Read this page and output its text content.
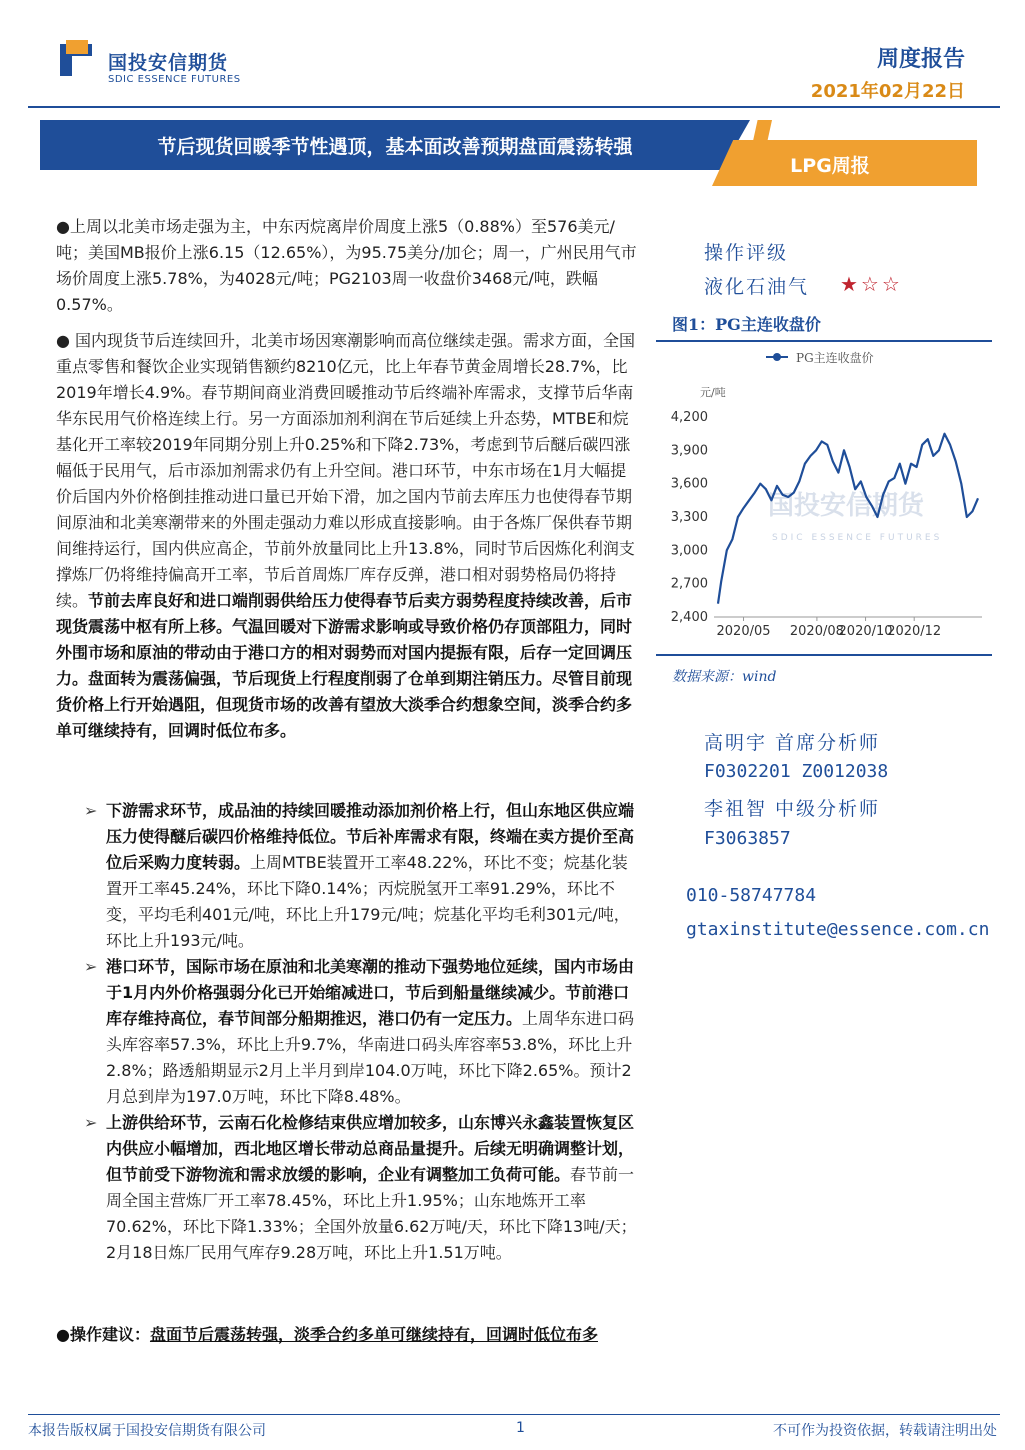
国投安信期货
SDIC ESSENCE FUTURES
周度报告
2021年02月22日
节后现货回暖季节性遇顶，基本面改善预期盘面震荡转强
LPG周报
●上周以北美市场走强为主，中东丙烷离岸价周度上涨5（0.88%）至576美元/吨；美国MB报价上涨6.15（12.65%），为95.75美分/加仑；周一，广州民用气市场价周度上涨5.78%，为4028元/吨；PG2103周一收盘价3468元/吨，跌幅0.57%。
● 国内现货节后连续回升，北美市场因寒潮影响而高位继续走强。需求方面，全国重点零售和餐饮企业实现销售额约8210亿元，比上年春节黄金周增长28.7%，比2019年增长4.9%。春节期间商业消费回暖推动节后终端补库需求，支撑节后华南华东民用气价格连续上行。另一方面添加剂利润在节后延续上升态势，MTBE和烷基化开工率较2019年同期分别上升0.25%和下降2.73%，考虑到节后醚后碳四涨幅低于民用气，后市添加剂需求仍有上升空间。港口环节，中东市场在1月大幅提价后国内外价格倒挂推动进口量已开始下滑，加之国内节前去库压力也使得春节期间原油和北美寒潮带来的外围走强动力难以形成直接影响。由于各炼厂保供春节期间维持运行，国内供应高企，节前外放量同比上升13.8%，同时节后因炼化利润支撑炼厂仍将维持偏高开工率，节后首周炼厂库存反弹，港口相对弱势格局仍将持续。节前去库良好和进口端削弱供给压力使得春节后卖方弱势程度持续改善，后市现货震荡中枢有所上移。气温回暖对下游需求影响或导致价格仍存顶部阻力，同时外围市场和原油的带动由于港口方的相对弱势而对国内提振有限，后存一定回调压力。盘面转为震荡偏强，节后现货上行程度削弱了仓单到期注销压力。尽管目前现货价格上行开始遇阻，但现货市场的改善有望放大淡季合约想象空间，淡季合约多单可继续持有，回调时低位布多。
➢ 下游需求环节，成品油的持续回暖推动添加剂价格上行，但山东地区供应端压力使得醚后碳四价格维持低位。节后补库需求有限，终端在卖方提价至高位后采购力度转弱。上周MTBE装置开工率48.22%，环比不变；烷基化装置开工率45.24%，环比下降0.14%；丙烷脱氢开工率91.29%，环比不变，平均毛利401元/吨，环比上升179元/吨；烷基化平均毛利301元/吨，环比上升193元/吨。
➢ 港口环节，国际市场在原油和北美寒潮的推动下强势地位延续，国内市场由于1月内外价格强弱分化已开始缩减进口，节后到船量继续减少。节前港口库存维持高位，春节间部分船期推迟，港口仍有一定压力。上周华东进口码头库容率57.3%，环比上升9.7%，华南进口码头库容率53.8%，环比上升2.8%；路透船期显示2月上半月到岸104.0万吨，环比下降2.65%。预计2月总到岸为197.0万吨，环比下降8.48%。
➢ 上游供给环节，云南石化检修结束供应增加较多，山东博兴永鑫装置恢复区内供应小幅增加，西北地区增长带动总商品量提升。后续无明确调整计划，但节前受下游物流和需求放缓的影响，企业有调整加工负荷可能。春节前一周全国主营炼厂开工率78.45%，环比上升1.95%；山东地炼开工率70.62%，环比下降1.33%；全国外放量6.62万吨/天，环比下降13吨/天；2月18日炼厂民用气库存9.28万吨，环比上升1.51万吨。
●操作建议：盘面节后震荡转强，淡季合约多单可继续持有，回调时低位布多
操作评级
液化石油气 ★☆☆
图1：PG主连收盘价
PG主连收盘价
元/吨
国投安信期货
SDIC ESSENCE FUTURES
4,200
3,900
3,600
3,300
3,000
2,700
2,400
2020/05 2020/08
2020/10
2020/12
数据来源：wind
高明宇 首席分析师
F0302201 Z0012038
李祖智 中级分析师
F3063857
010-58747784
gtaxinstitute@essence.com.cn
本报告版权属于国投安信期货有限公司	1	不可作为投资依据，转载请注明出处
